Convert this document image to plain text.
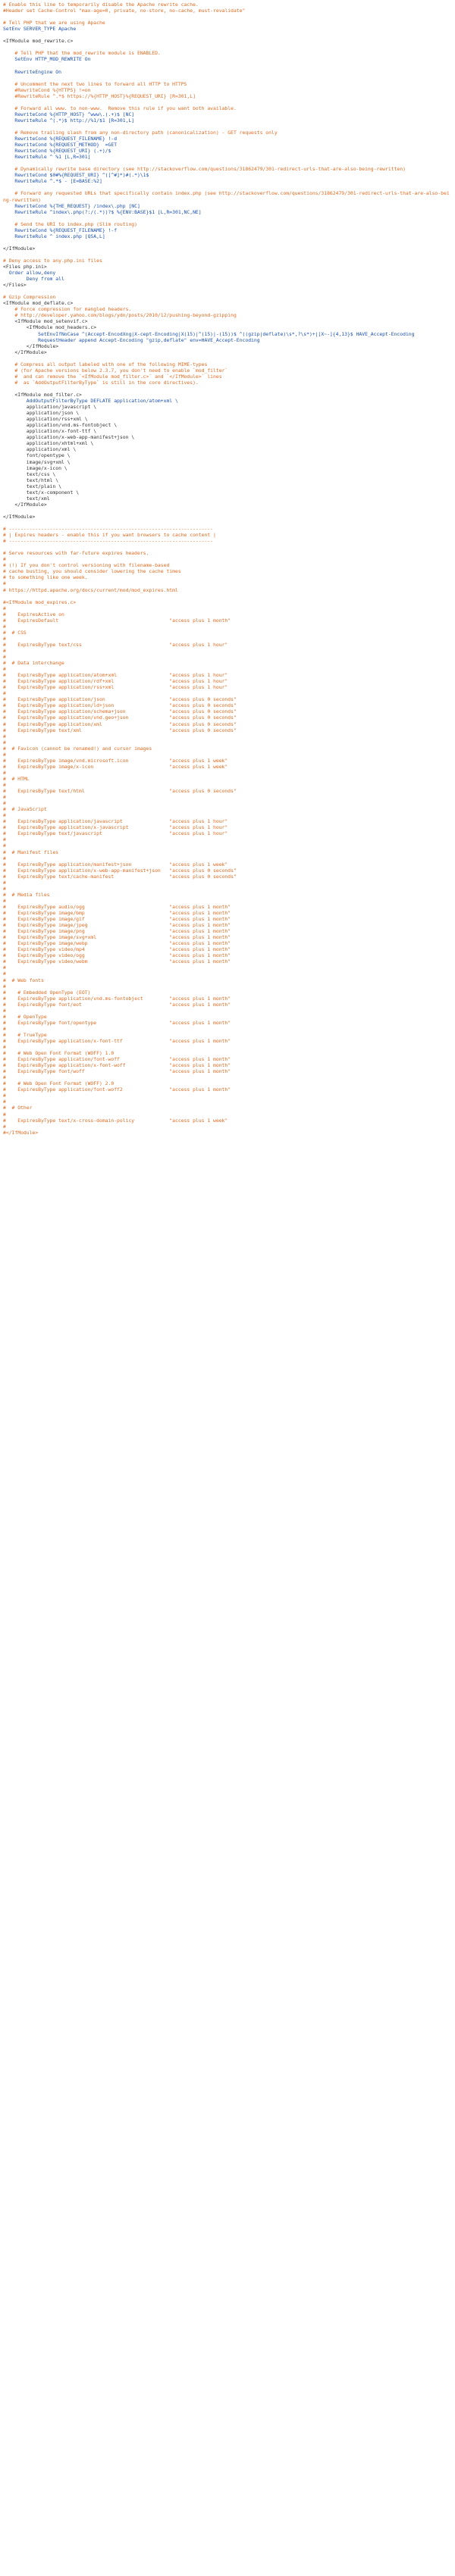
# Enable this line to temporarily disable the Apache rewrite cache.
#Header set Cache-Control "max-age=0, private, no-store, no-cache, must-revalidate"
# Tell PHP that we are using Apache
SetEnv SERVER_TYPE Apache
<IfModule mod_rewrite.c>
# Tell PHP that the mod_rewrite module is ENABLED.
SetEnv HTTP_MOD_REWRITE On
RewriteEngine On
# Uncomment the next two lines to forward all HTTP to HTTPS
#RewriteCond %{HTTPS} !=on
#RewriteRule ^.*$ https://%{HTTP_HOST}%{REQUEST_URI} [R=301,L]
# Forward all www. to non-www.  Remove this rule if you want both available.
RewriteCond %{HTTP_HOST} ^www\.(.+)$ [NC]
RewriteRule ^(.*)$ http://%1/$1 [R=301,L]
# Remove trailing slash from any non-directory path (canonicalization) - GET requests only
RewriteCond %{REQUEST_FILENAME} !-d
RewriteCond %{REQUEST_METHOD}  =GET
RewriteCond %{REQUEST_URI} (.+)/$
RewriteRule ^ %1 [L,R=301]
# Dynamically rewrite base directory (see http://stackoverflow.com/questions/31862479/301-redirect-urls-that-are-also-being-rewritten)
RewriteCond $0#%{REQUEST_URI} ^([^#]*)#(.*)\1$
RewriteRule ^.*$ - [E=BASE:%2]
# Forward any requested URLs that specifically contain index.php (see http://stackoverflow.com/questions/31862479/301-redirect-urls-that-are-also-being-rewritten)
RewriteCond %{THE_REQUEST} /index\.php [NC]
RewriteRule ^index\.php(?:/(.*))?$ %{ENV:BASE}$1 [L,R=301,NC,NE]
# Send the URI to index.php (Slim routing)
RewriteCond %{REQUEST_FILENAME} !-f
RewriteRule ^ index.php [QSA,L]
</IfModule>
# Deny access to any.php.ini files
<Files php.ini>
Order allow,deny
Deny from all
</Files>
# Gzip Compression
<IfModule mod_deflate.c>
# Force compression for mangled headers.
# http://developer.yahoo.com/blogs/ydn/posts/2010/12/pushing-beyond-gzipping
<IfModule mod_setenvif.c>
<IfModule mod_headers.c>
SetEnvIfNoCase ^(Accept-EncodXng|X-cept-Encoding|X(15)|^(15)|-(15))$ ^((gzip|deflate)\s*,?\s*)+|[X~-]{4,13}$ HAVE_Accept-Encoding
RequestHeader append Accept-Encoding "gzip,deflate" env=HAVE_Accept-Encoding
</IfModule>
</IfModule>
# Compress all output labeled with one of the following MIME-types
# (for Apache versions below 2.3.7, you don't need to enable `mod_filter`
#  and can remove the `<IfModule mod_filter.c>` and `</IfModule>` lines
#  as `AddOutputFilterByType` is still in the core directives).
<IfModule mod_filter.c>
AddOutputFilterByType DEFLATE application/atom+xml \
application/javascript \
application/json \
application/rss+xml \
application/vnd.ms-fontobject \
application/x-font-ttf \
application/x-web-app-manifest+json \
application/xhtml+xml \
application/xml \
font/opentype \
image/svg+xml \
image/x-icon \
text/css \
text/html \
text/plain \
text/x-component \
text/xml
</IfModule>
</IfModule>
# ----------------------------------------------------------------------
# | Expires headers - enable this if you want browsers to cache content |
# ----------------------------------------------------------------------
# Serve resources with far-future expires headers.
#
# (!) If you don't control versioning with filename-based
# cache busting, you should consider lowering the cache times
# to something like one week.
#
# https://httpd.apache.org/docs/current/mod/mod_expires.html
#<IfModule mod_expires.c>
#
#    ExpiresActive on
#    ExpiresDefault                                      "access plus 1 month"
#
#  # CSS
#
#    ExpiresByType text/css                              "access plus 1 hour"
#
#
#  # Data interchange
#
#    ExpiresByType application/atom+xml                  "access plus 1 hour"
#    ExpiresByType application/rdf+xml                   "access plus 1 hour"
#    ExpiresByType application/rss+xml                   "access plus 1 hour"
#
#    ExpiresByType application/json                      "access plus 0 seconds"
#    ExpiresByType application/ld+json                   "access plus 0 seconds"
#    ExpiresByType application/schema+json               "access plus 0 seconds"
#    ExpiresByType application/vnd.geo+json              "access plus 0 seconds"
#    ExpiresByType application/xml                       "access plus 0 seconds"
#    ExpiresByType text/xml                              "access plus 0 seconds"
#
#
#  # Favicon (cannot be renamed!) and cursor images
#
#    ExpiresByType image/vnd.microsoft.icon              "access plus 1 week"
#    ExpiresByType image/x-icon                          "access plus 1 week"
#
#  # HTML
#
#    ExpiresByType text/html                             "access plus 0 seconds"
#
#
#  # JavaScript
#
#    ExpiresByType application/javascript                "access plus 1 hour"
#    ExpiresByType application/x-javascript              "access plus 1 hour"
#    ExpiresByType text/javascript                       "access plus 1 hour"
#
#
#  # Manifest files
#
#    ExpiresByType application/manifest+json             "access plus 1 week"
#    ExpiresByType application/x-web-app-manifest+json   "access plus 0 seconds"
#    ExpiresByType text/cache-manifest                   "access plus 0 seconds"
#
#
#  # Media files
#
#    ExpiresByType audio/ogg                             "access plus 1 month"
#    ExpiresByType image/bmp                             "access plus 1 month"
#    ExpiresByType image/gif                             "access plus 1 month"
#    ExpiresByType image/jpeg                            "access plus 1 month"
#    ExpiresByType image/png                             "access plus 1 month"
#    ExpiresByType image/svg+xml                         "access plus 1 month"
#    ExpiresByType image/webp                            "access plus 1 month"
#    ExpiresByType video/mp4                             "access plus 1 month"
#    ExpiresByType video/ogg                             "access plus 1 month"
#    ExpiresByType video/webm                            "access plus 1 month"
#
#
#  # Web fonts
#
#    # Embedded OpenType (EOT)
#    ExpiresByType application/vnd.ms-fontobject         "access plus 1 month"
#    ExpiresByType font/eot                              "access plus 1 month"
#
#    # OpenType
#    ExpiresByType font/opentype                         "access plus 1 month"
#
#    # TrueType
#    ExpiresByType application/x-font-ttf                "access plus 1 month"
#
#    # Web Open Font Format (WOFF) 1.0
#    ExpiresByType application/font-woff                 "access plus 1 month"
#    ExpiresByType application/x-font-woff               "access plus 1 month"
#    ExpiresByType font/woff                             "access plus 1 month"
#
#    # Web Open Font Format (WOFF) 2.0
#    ExpiresByType application/font-woff2                "access plus 1 month"
#
#
#  # Other
#
#    ExpiresByType text/x-cross-domain-policy            "access plus 1 week"
#
#</IfModule>
